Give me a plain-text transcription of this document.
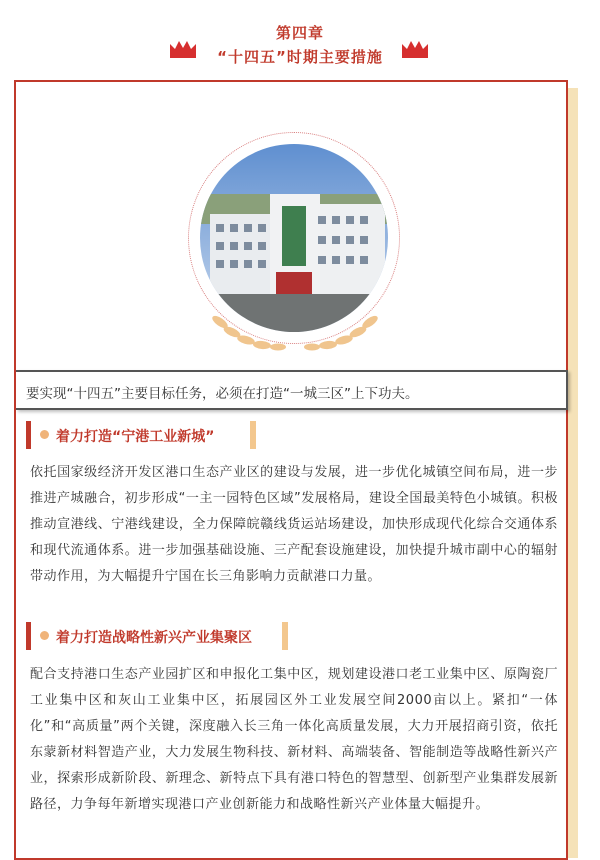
第四章
“十四五”时期主要措施
要实现“十四五”主要目标任务，必须在打造“一城三区”上下功夫。
着力打造“宁港工业新城”
依托国家级经济开发区港口生态产业区的建设与发展，进一步优化城镇空间布局，进一步推进产城融合，初步形成“一主一园特色区域”发展格局，建设全国最美特色小城镇。积极推动宣港线、宁港线建设，全力保障皖赣线货运站场建设，加快形成现代化综合交通体系和现代流通体系。进一步加强基础设施、三产配套设施建设，加快提升城市副中心的辐射带动作用，为大幅提升宁国在长三角影响力贡献港口力量。
着力打造战略性新兴产业集聚区
配合支持港口生态产业园扩区和申报化工集中区，规划建设港口老工业集中区、原陶瓷厂工业集中区和灰山工业集中区，拓展园区外工业发展空间2000亩以上。紧扣“一体化”和“高质量”两个关键，深度融入长三角一体化高质量发展，大力开展招商引资，依托东蒙新材料智造产业，大力发展生物科技、新材料、高端装备、智能制造等战略性新兴产业，探索形成新阶段、新理念、新特点下具有港口特色的智慧型、创新型产业集群发展新路径，力争每年新增实现港口产业创新能力和战略性新兴产业体量大幅提升。
